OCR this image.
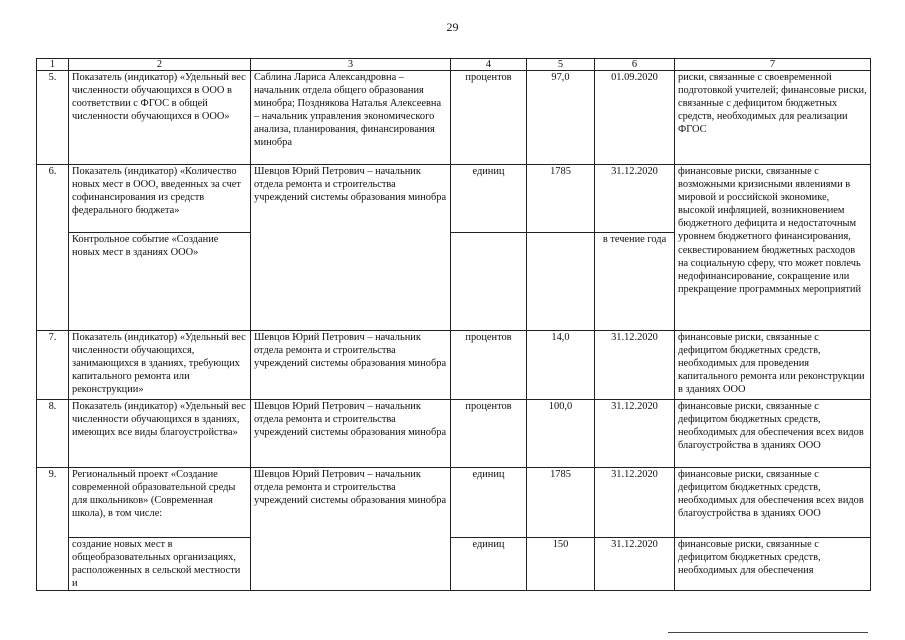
29
1	2	3	4	5	6	7
5.	Показатель (индикатор) «Удельный вес численности обучающихся в ООО в соответствии с ФГОС в общей численности обучающихся в ООО»	Саблина Лариса Александровна – начальник отдела общего образования минобра; Позднякова Наталья Алексеевна – начальник управления экономического анализа, планирования, финансирования минобра	процентов	97,0	01.09.2020	риски, связанные с своевременной подготовкой учителей; финансовые риски, связанные с дефицитом бюджетных средств, необходимых для реализации ФГОС
6.	Показатель (индикатор) «Количество новых мест в ООО, введенных за счет софинансирования из средств федерального бюджета»	Шевцов Юрий Петрович – начальник отдела ремонта и строительства учреждений системы образования минобра	единиц	1785	31.12.2020	финансовые риски, связанные с возможными кризисными явлениями в мировой и российской экономике, высокой инфляцией, возникновением бюджетного дефицита и недостаточным уровнем бюджетного финансирования, секвестированием бюджетных расходов на социальную сферу, что может повлечь недофинансирование, сокращение или прекращение программных мероприятий
	Контрольное событие «Создание новых мест в зданиях ООО»				в течение года	
7.	Показатель (индикатор) «Удельный вес численности обучающихся, занимающихся в зданиях, требующих капитального ремонта или реконструкции»	Шевцов Юрий Петрович – начальник отдела ремонта и строительства учреждений системы образования минобра	процентов	14,0	31.12.2020	финансовые риски, связанные с дефицитом бюджетных средств, необходимых для проведения капитального ремонта или реконструкции в зданиях ООО
8.	Показатель (индикатор) «Удельный вес численности обучающихся в зданиях, имеющих все виды благоустройства»	Шевцов Юрий Петрович – начальник отдела ремонта и строительства учреждений системы образования минобра	процентов	100,0	31.12.2020	финансовые риски, связанные с дефицитом бюджетных средств, необходимых для обеспечения всех видов благоустройства в зданиях ООО
9.	Региональный проект «Создание современной образовательной среды для школьников» (Современная школа), в том числе:	Шевцов Юрий Петрович – начальник отдела ремонта и строительства учреждений системы образования минобра	единиц	1785	31.12.2020	финансовые риски, связанные с дефицитом бюджетных средств, необходимых для обеспечения всех видов благоустройства в зданиях ООО
	создание новых мест в общеобразовательных организациях, расположенных в сельской местности и		единиц	150	31.12.2020	финансовые риски, связанные с дефицитом бюджетных средств, необходимых для обеспечения
